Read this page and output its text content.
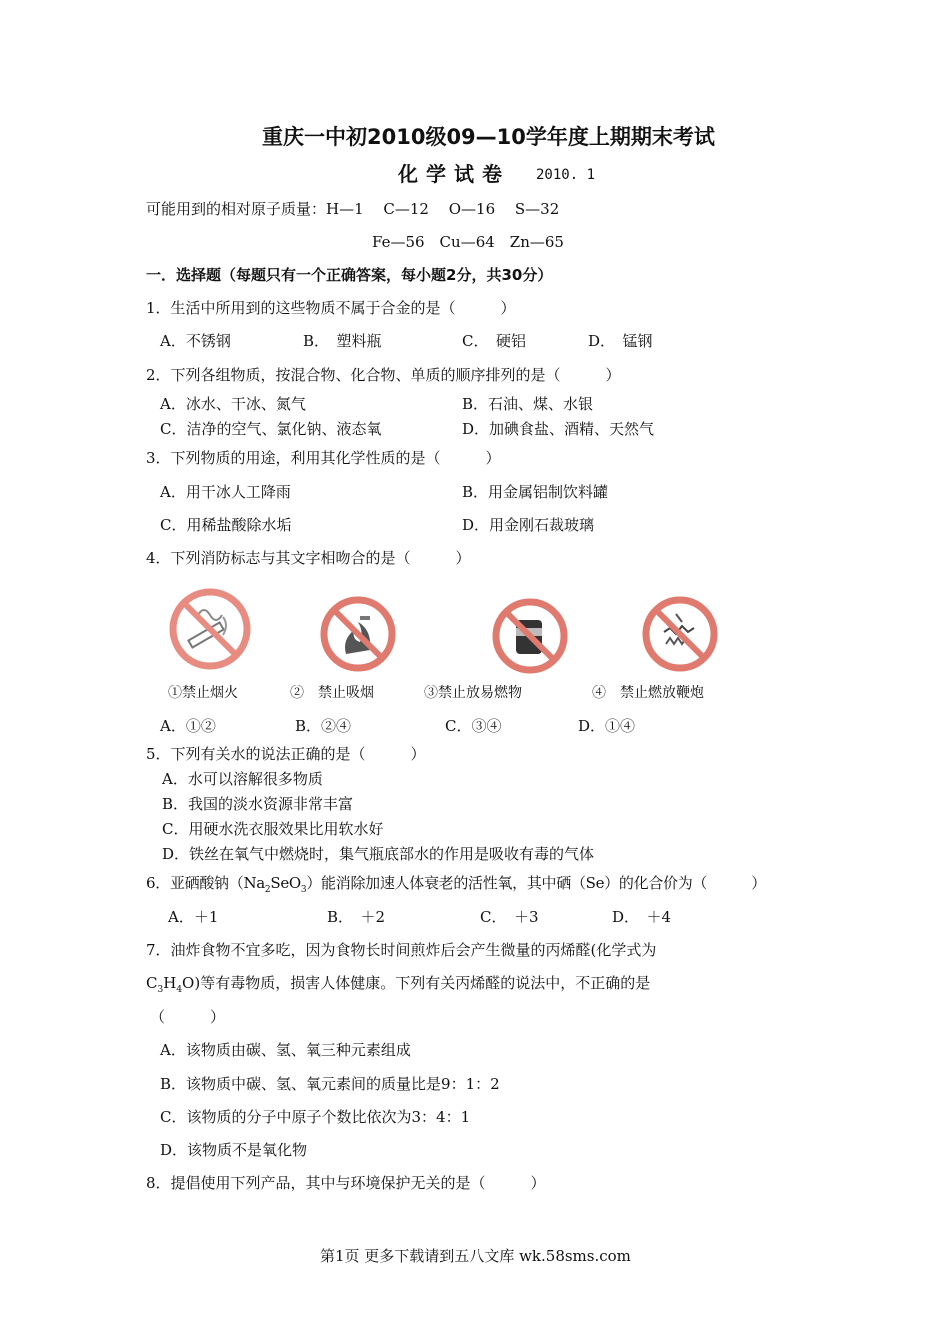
重庆一中初2010级09—10学年度上期期末考试
化学试卷 2010. 1
可能用到的相对原子质量：H—1　 C—12　 O—16　 S—32
Fe—56　Cu—64　Zn—65
一．选择题（每题只有一个正确答案，每小题2分，共30分）
1．生活中所用到的这些物质不属于合金的是（　　　）
A．不锈钢	B．　塑料瓶	C．　硬铝	D．　锰钢
2．下列各组物质，按混合物、化合物、单质的顺序排列的是（　　　）
A．冰水、干冰、氮气	B．石油、煤、水银
C．洁净的空气、氯化钠、液态氧	D．加碘食盐、酒精、天然气
3．下列物质的用途，利用其化学性质的是（　　　）
A．用干冰人工降雨	B．用金属铝制饮料罐
C．用稀盐酸除水垢	D．用金刚石裁玻璃
4．下列消防标志与其文字相吻合的是（　　　）
①禁止烟火	②　禁止吸烟	③禁止放易燃物	④　禁止燃放鞭炮
A．①②	B．②④	C．③④	D．①④
5．下列有关水的说法正确的是（　　　）
A．水可以溶解很多物质
B．我国的淡水资源非常丰富
C．用硬水洗衣服效果比用软水好
D．铁丝在氧气中燃烧时，集气瓶底部水的作用是吸收有毒的气体
6．亚硒酸钠$(Na_2SeO_3)$能消除加速人体衰老的活性氧，其中硒（Se）的化合价为（　　　）
A．＋1	B．　＋2	C．　＋3	D．　＋4
7．油炸食物不宜多吃，因为食物长时间煎炸后会产生微量的丙烯醛(化学式为
$C_3H_4O$)等有毒物质，损害人体健康。下列有关丙烯醛的说法中，不正确的是
（　　　）
A．该物质由碳、氢、氧三种元素组成
B．该物质中碳、氢、氧元素间的质量比是9：1：2
C．该物质的分子中原子个数比依次为3：4：1
D．该物质不是氧化物
8．提倡使用下列产品，其中与环境保护无关的是（　　　）
第1页 更多下载请到五八文库 wk.58sms.com
